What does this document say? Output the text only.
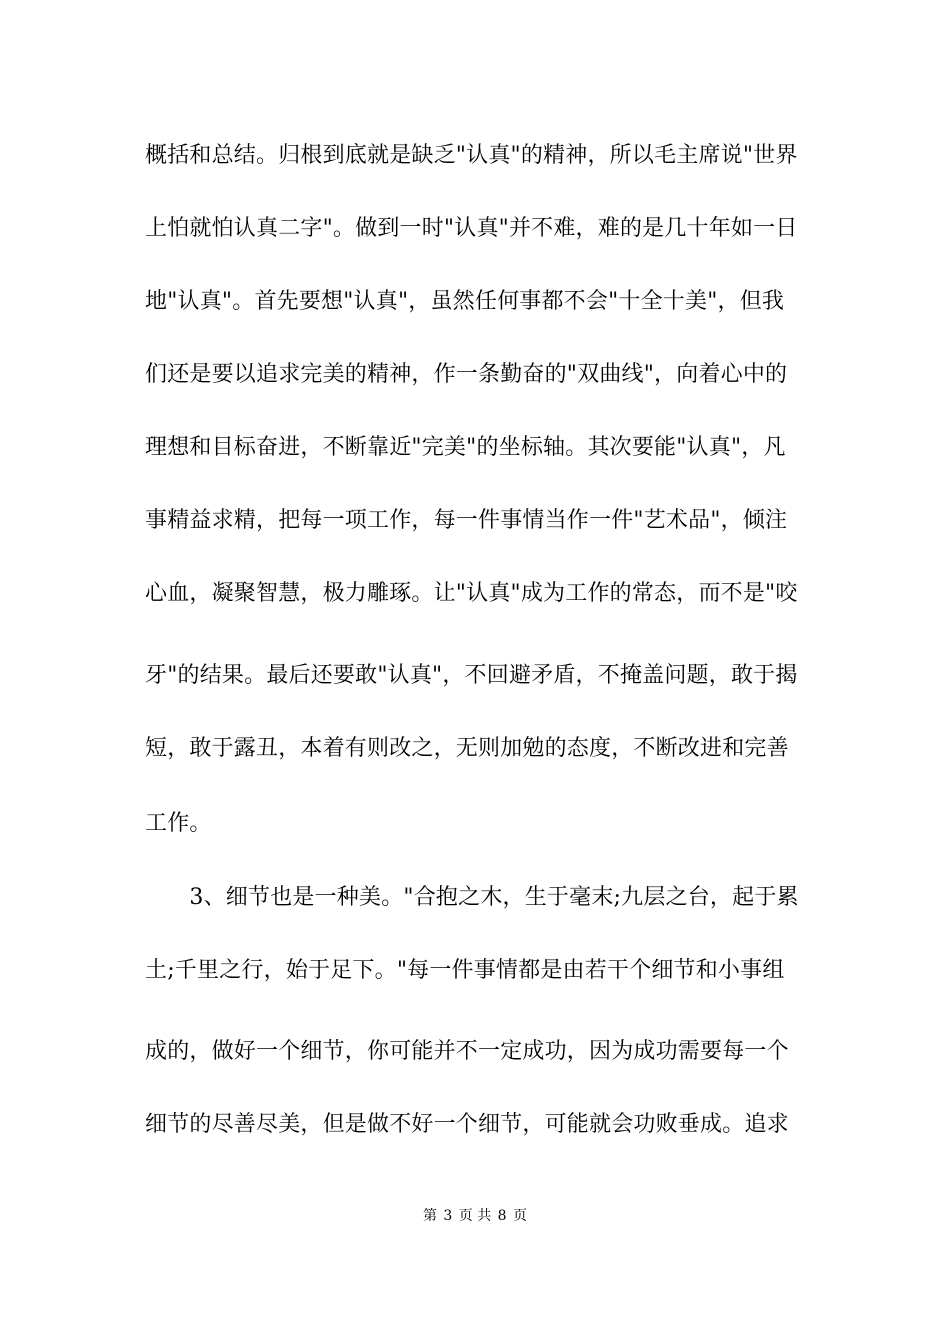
概括和总结。归根到底就是缺乏"认真"的精神，所以毛主席说"世界
上怕就怕认真二字"。做到一时"认真"并不难，难的是几十年如一日
地"认真"。首先要想"认真"，虽然任何事都不会"十全十美"，但我
们还是要以追求完美的精神，作一条勤奋的"双曲线"，向着心中的
理想和目标奋进，不断靠近"完美"的坐标轴。其次要能"认真"，凡
事精益求精，把每一项工作，每一件事情当作一件"艺术品"，倾注
心血，凝聚智慧，极力雕琢。让"认真"成为工作的常态，而不是"咬
牙"的结果。最后还要敢"认真"，不回避矛盾，不掩盖问题，敢于揭
短，敢于露丑，本着有则改之，无则加勉的态度，不断改进和完善
工作。
　　3、细节也是一种美。"合抱之木，生于毫末;九层之台，起于累
土;千里之行，始于足下。"每一件事情都是由若干个细节和小事组
成的，做好一个细节，你可能并不一定成功，因为成功需要每一个
细节的尽善尽美，但是做不好一个细节，可能就会功败垂成。追求
第 3 页 共 8 页
